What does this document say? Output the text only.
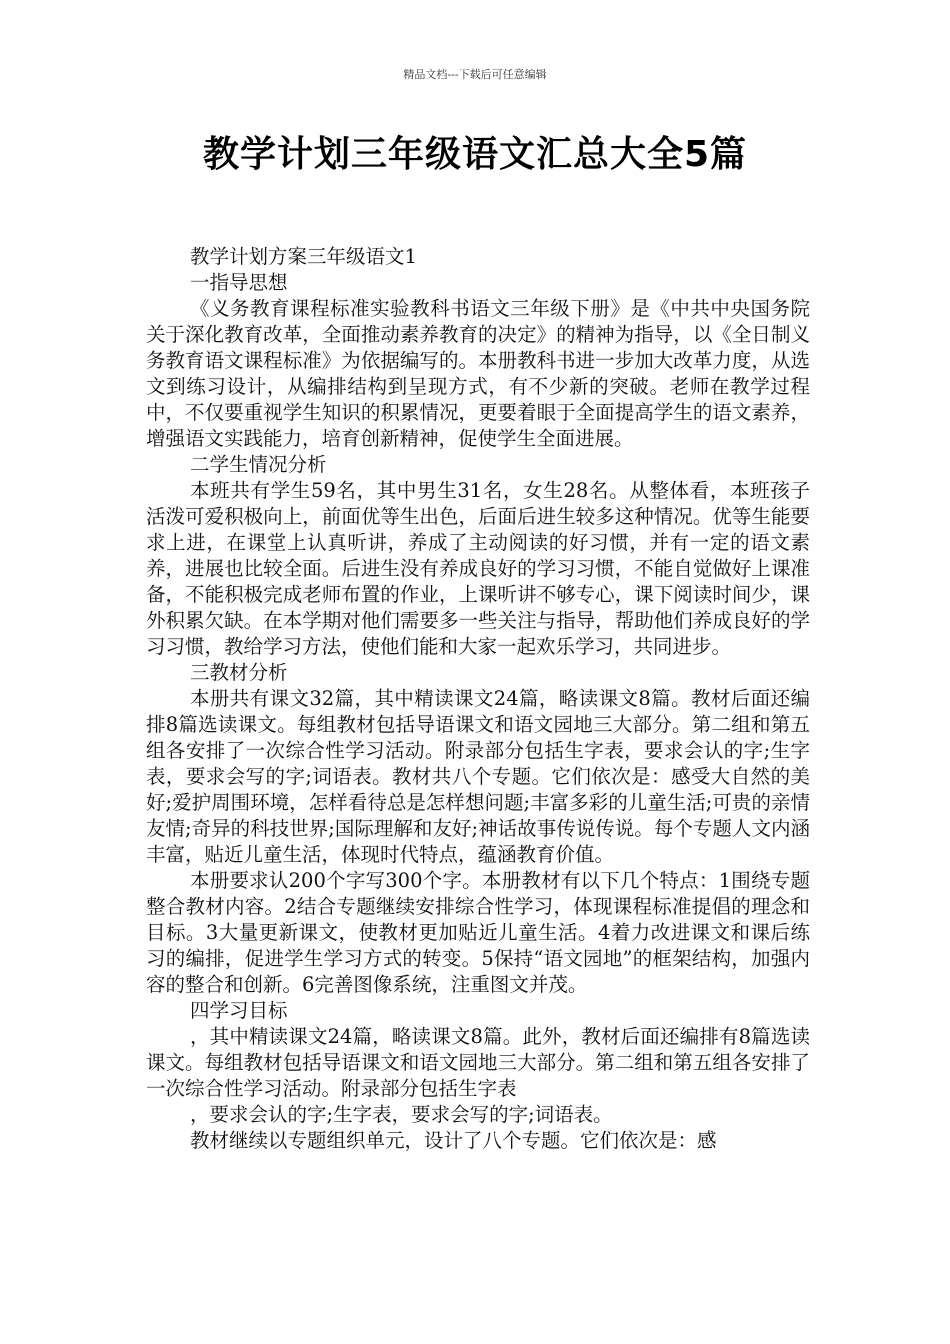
精品文档---下载后可任意编辑
教学计划三年级语文汇总大全5篇

教学计划方案三年级语文1

一指导思想

《义务教育课程标准实验教科书语文三年级下册》是《中共中央国务院关于深化教育改革，全面推动素养教育的决定》的精神为指导，以《全日制义务教育语文课程标准》为依据编写的。本册教科书进一步加大改革力度，从选文到练习设计，从编排结构到呈现方式，有不少新的突破。老师在教学过程中，不仅要重视学生知识的积累情况，更要着眼于全面提高学生的语文素养，增强语文实践能力，培育创新精神，促使学生全面进展。

二学生情况分析

本班共有学生59名，其中男生31名，女生28名。从整体看，本班孩子活泼可爱积极向上，前面优等生出色，后面后进生较多这种情况。优等生能要求上进，在课堂上认真听讲，养成了主动阅读的好习惯，并有一定的语文素养，进展也比较全面。后进生没有养成良好的学习习惯，不能自觉做好上课准备，不能积极完成老师布置的作业，上课听讲不够专心，课下阅读时间少，课外积累欠缺。在本学期对他们需要多一些关注与指导，帮助他们养成良好的学习习惯，教给学习方法，使他们能和大家一起欢乐学习，共同进步。

三教材分析

本册共有课文32篇，其中精读课文24篇，略读课文8篇。教材后面还编排8篇选读课文。每组教材包括导语课文和语文园地三大部分。第二组和第五组各安排了一次综合性学习活动。附录部分包括生字表，要求会认的字;生字表，要求会写的字;词语表。教材共八个专题。它们依次是：感受大自然的美好;爱护周围环境，怎样看待总是怎样想问题;丰富多彩的儿童生活;可贵的亲情友情;奇异的科技世界;国际理解和友好;神话故事传说传说。每个专题人文内涵丰富，贴近儿童生活，体现时代特点，蕴涵教育价值。

本册要求认200个字写300个字。本册教材有以下几个特点：1围绕专题整合教材内容。2结合专题继续安排综合性学习，体现课程标准提倡的理念和目标。3大量更新课文，使教材更加贴近儿童生活。4着力改进课文和课后练习的编排，促进学生学习方式的转变。5保持“语文园地”的框架结构，加强内容的整合和创新。6完善图像系统，注重图文并茂。

四学习目标

，其中精读课文24篇，略读课文8篇。此外，教材后面还编排有8篇选读课文。每组教材包括导语课文和语文园地三大部分。第二组和第五组各安排了一次综合性学习活动。附录部分包括生字表

，要求会认的字;生字表，要求会写的字;词语表。

教材继续以专题组织单元，设计了八个专题。它们依次是：感
